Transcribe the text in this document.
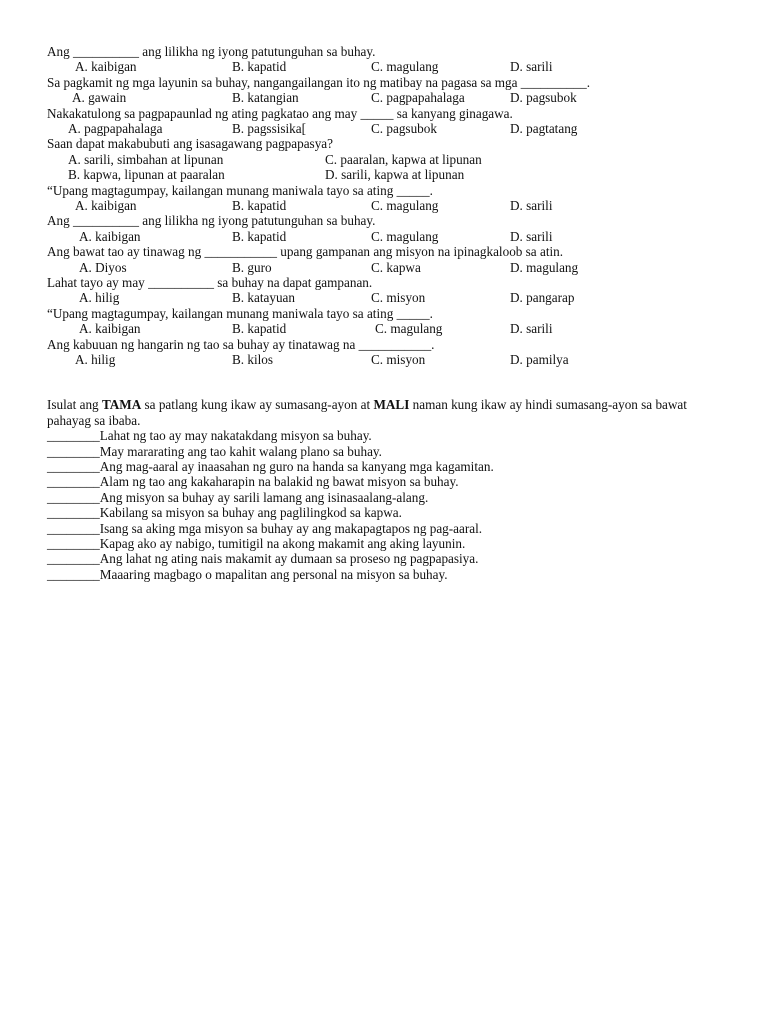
Ang __________ ang lilikha ng iyong patutunguhan sa buhay.
A. kaibigan	B. kapatid	C. magulang	D. sarili
Sa pagkamit ng mga layunin sa buhay, nangangailangan ito ng matibay na pagasa sa mga __________.
A. gawain	B. katangian	C. pagpapahalaga	D. pagsubok
Nakakatulong sa pagpapaunlad ng ating pagkatao ang may _____ sa kanyang ginagawa.
A. pagpapahalaga	B. pagssisika[	C. pagsubok	D. pagtatang
Saan dapat makabubuti ang isasagawang pagpapasya?
A. sarili, simbahan at lipunan	C. paaralan, kapwa at lipunan
B. kapwa, lipunan at paaralan	D. sarili, kapwa at lipunan
“Upang magtagumpay, kailangan munang maniwala tayo sa ating _____.
A. kaibigan	B. kapatid	C. magulang	D. sarili
Ang __________ ang lilikha ng iyong patutunguhan sa buhay.
A. kaibigan	B. kapatid	C. magulang	D. sarili
Ang bawat tao ay tinawag ng ___________ upang gampanan ang misyon na ipinagkaloob sa atin.
A. Diyos	B. guro	C. kapwa	D. magulang
Lahat tayo ay may __________ sa buhay na dapat gampanan.
A. hilig	B. katayuan	C. misyon	D. pangarap
“Upang magtagumpay, kailangan munang maniwala tayo sa ating _____.
A. kaibigan	B. kapatid	C. magulang	D. sarili
Ang kabuuan ng hangarin ng tao sa buhay ay tinatawag na ___________.
A. hilig	B. kilos	C. misyon	D. pamilya
Isulat ang TAMA sa patlang kung ikaw ay sumasang-ayon at MALI naman kung ikaw ay hindi sumasang-ayon sa bawat pahayag sa ibaba.
________Lahat ng tao ay may nakatakdang misyon sa buhay.
________May mararating ang tao kahit walang plano sa buhay.
________Ang mag-aaral ay inaasahan ng guro na handa sa kanyang mga kagamitan.
________Alam ng tao ang kakaharapin na balakid ng bawat misyon sa buhay.
________Ang misyon sa buhay ay sarili lamang ang isinasaalang-alang.
________Kabilang sa misyon sa buhay ang paglilingkod sa kapwa.
________Isang sa aking mga misyon sa buhay ay ang makapagtapos ng pag-aaral.
________Kapag ako ay nabigo, tumitigil na akong makamit ang aking layunin.
________Ang lahat ng ating nais makamit ay dumaan sa proseso ng pagpapasiya.
________Maaaring magbago o mapalitan ang personal na misyon sa buhay.
